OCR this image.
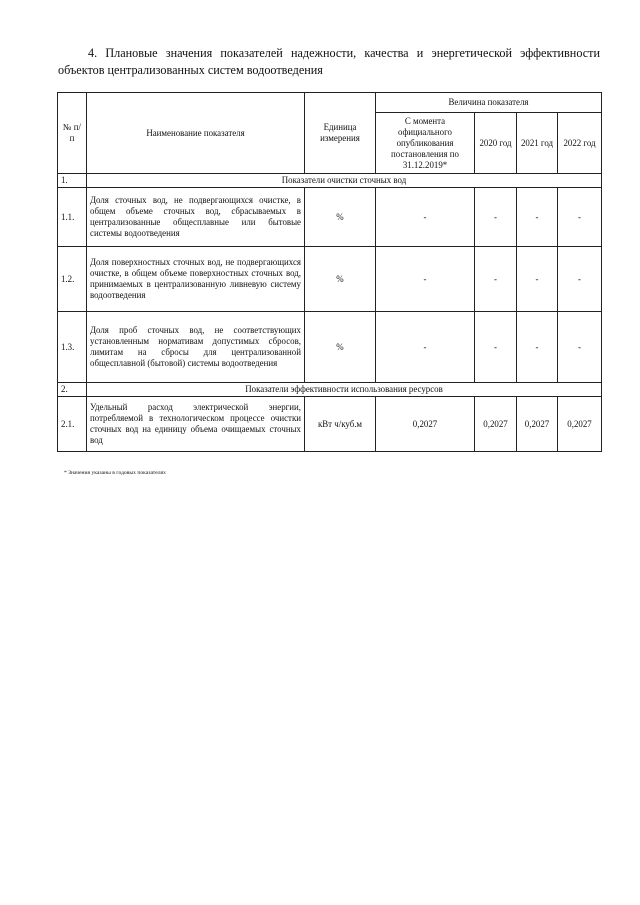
4. Плановые значения показателей надежности, качества и энергетической эффективности объектов централизованных систем водоотведения
№ п/п	Наименование показателя	Единица измерения	Величина показателя			
			С момента официального опубликования постановления по 31.12.2019*	2020 год	2021 год	2022 год
1.	Показатели очистки сточных вод					
1.1.	Доля сточных вод, не подвергающихся очистке, в общем объеме сточных вод, сбрасываемых в централизованные общесплавные или бытовые системы водоотведения	%	-	-	-	-
1.2.	Доля поверхностных сточных вод, не подвергающихся очистке, в общем объеме поверхностных сточных вод, принимаемых в централизованную ливневую систему водоотведения	%	-	-	-	-
1.3.	Доля проб сточных вод, не соответствующих установленным нормативам допустимых сбросов, лимитам на сбросы для централизованной общесплавной (бытовой) системы водоотведения	%	-	-	-	-
2.	Показатели эффективности использования ресурсов					
2.1.	Удельный расход электрической энергии, потребляемой в технологическом процессе очистки сточных вод на единицу объема очищаемых сточных вод	кВт ч/куб.м	0,2027	0,2027	0,2027	0,2027
* Значения указаны в годовых показателях
